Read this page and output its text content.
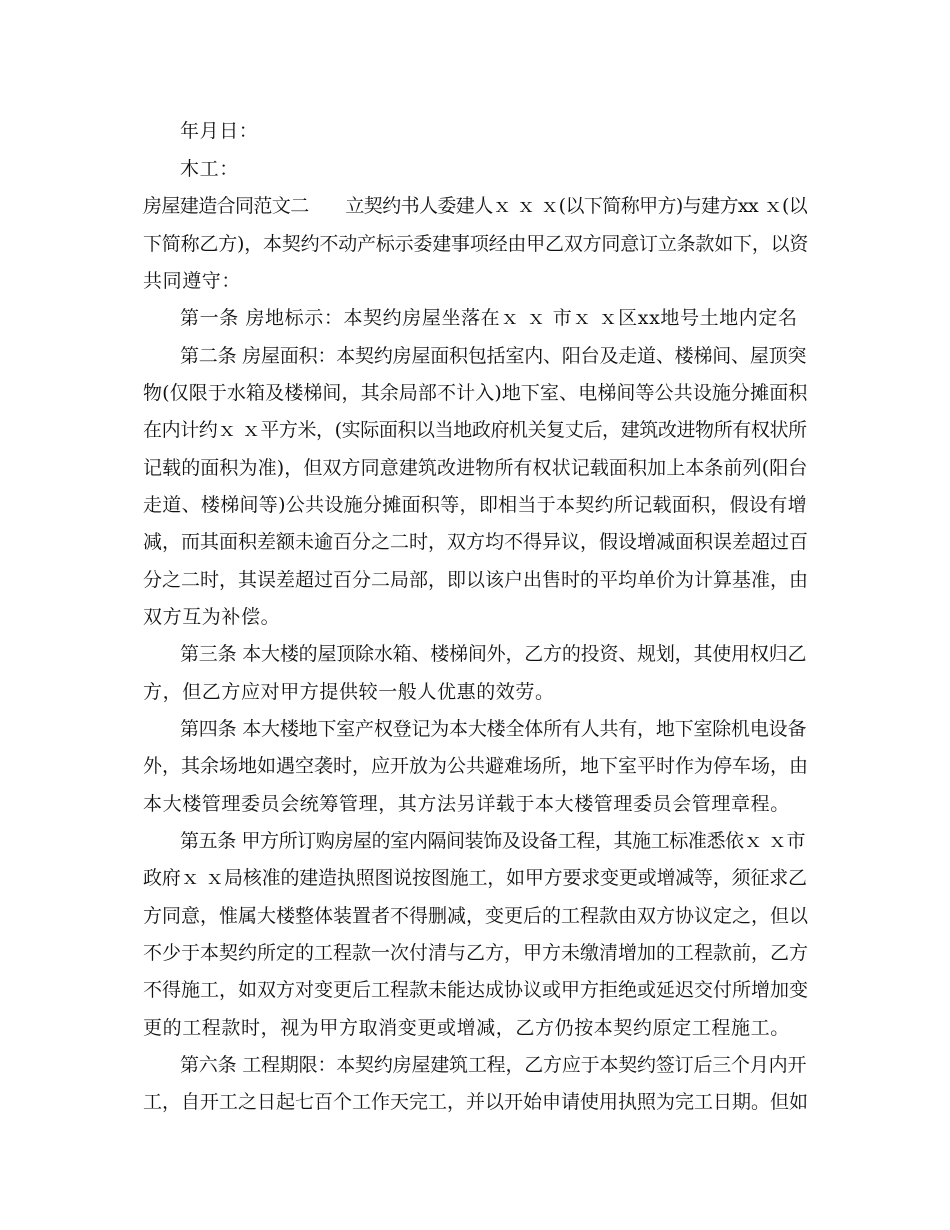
年月日：

木工：

房屋建造合同范文二　　立契约书人委建人ｘ ｘ ｘ(以下简称甲方)与建方xx ｘ(以

下简称乙方)，本契约不动产标示委建事项经由甲乙双方同意订立条款如下，以资

共同遵守：

第一条 房地标示：本契约房屋坐落在ｘ ｘ 市ｘ ｘ区xx地号土地内定名

第二条 房屋面积：本契约房屋面积包括室内、阳台及走道、楼梯间、屋顶突

物(仅限于水箱及楼梯间，其余局部不计入)地下室、电梯间等公共设施分摊面积

在内计约ｘ ｘ平方米，(实际面积以当地政府机关复丈后，建筑改进物所有权状所

记载的面积为准)，但双方同意建筑改进物所有权状记载面积加上本条前列(阳台

走道、楼梯间等)公共设施分摊面积等，即相当于本契约所记载面积，假设有增

减，而其面积差额未逾百分之二时，双方均不得异议，假设增减面积误差超过百

分之二时，其误差超过百分二局部，即以该户出售时的平均单价为计算基准，由

双方互为补偿。

第三条 本大楼的屋顶除水箱、楼梯间外，乙方的投资、规划，其使用权归乙

方，但乙方应对甲方提供较一般人优惠的效劳。

第四条 本大楼地下室产权登记为本大楼全体所有人共有，地下室除机电设备

外，其余场地如遇空袭时，应开放为公共避难场所，地下室平时作为停车场，由

本大楼管理委员会统筹管理，其方法另详载于本大楼管理委员会管理章程。

第五条 甲方所订购房屋的室内隔间装饰及设备工程，其施工标准悉依ｘ ｘ市

政府ｘ ｘ局核准的建造执照图说按图施工，如甲方要求变更或增减等，须征求乙

方同意，惟属大楼整体装置者不得删减，变更后的工程款由双方协议定之，但以

不少于本契约所定的工程款一次付清与乙方，甲方未缴清增加的工程款前，乙方

不得施工，如双方对变更后工程款未能达成协议或甲方拒绝或延迟交付所增加变

更的工程款时，视为甲方取消变更或增减，乙方仍按本契约原定工程施工。

第六条 工程期限：本契约房屋建筑工程，乙方应于本契约签订后三个月内开

工，自开工之日起七百个工作天完工，并以开始申请使用执照为完工日期。但如
